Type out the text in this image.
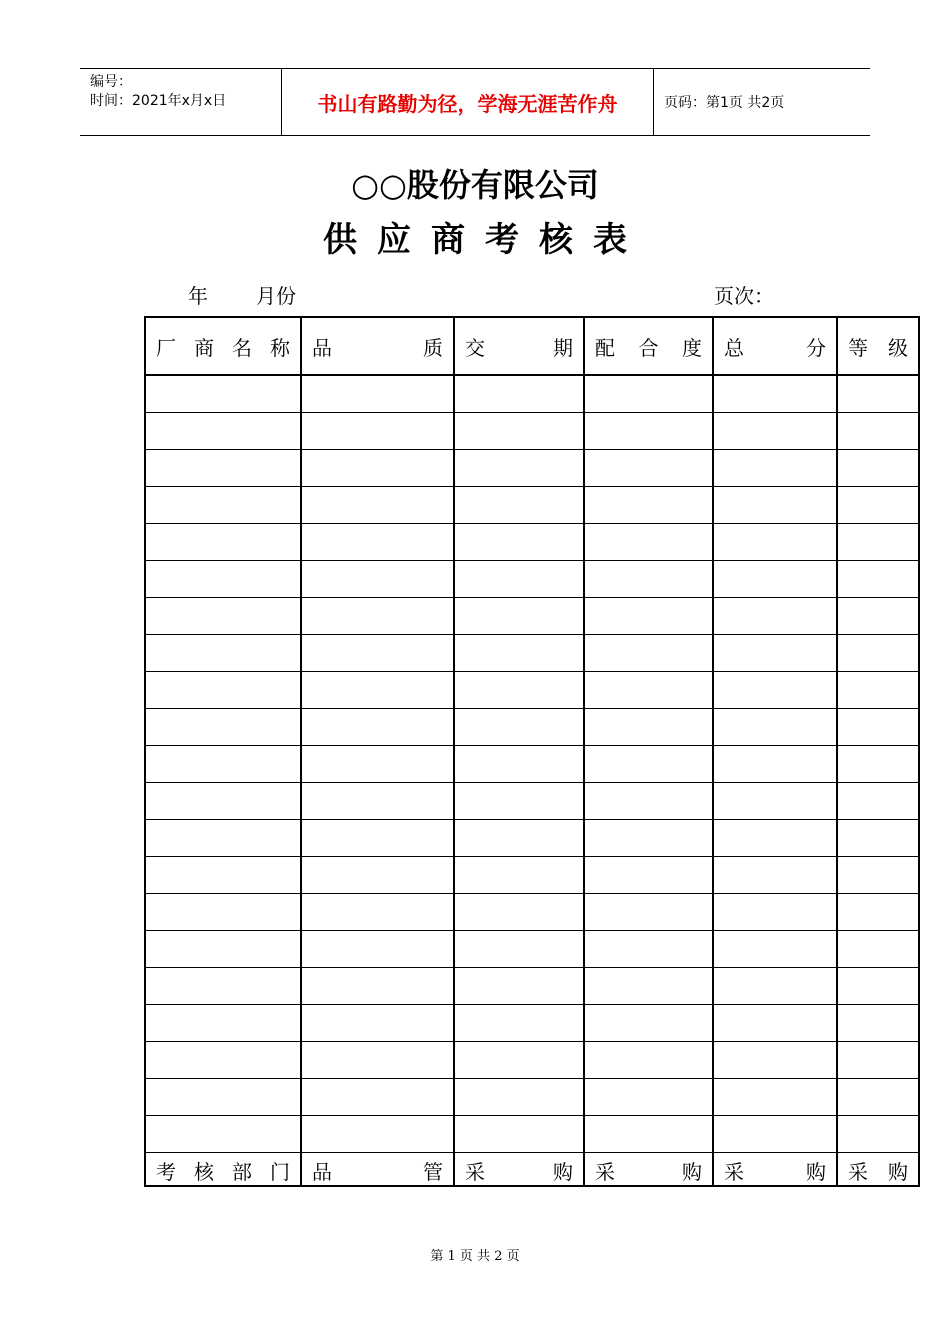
编号：
时间：2021年x月x日	书山有路勤为径，学海无涯苦作舟	页码：第1页 共2页
○○股份有限公司
供应商考核表
年 月份	页次：
厂商名称	品　质	交　期	配合度	总　分	等级

考核部门	品　管	采　购	采　购	采　购	采购
第 1 页 共 2 页
